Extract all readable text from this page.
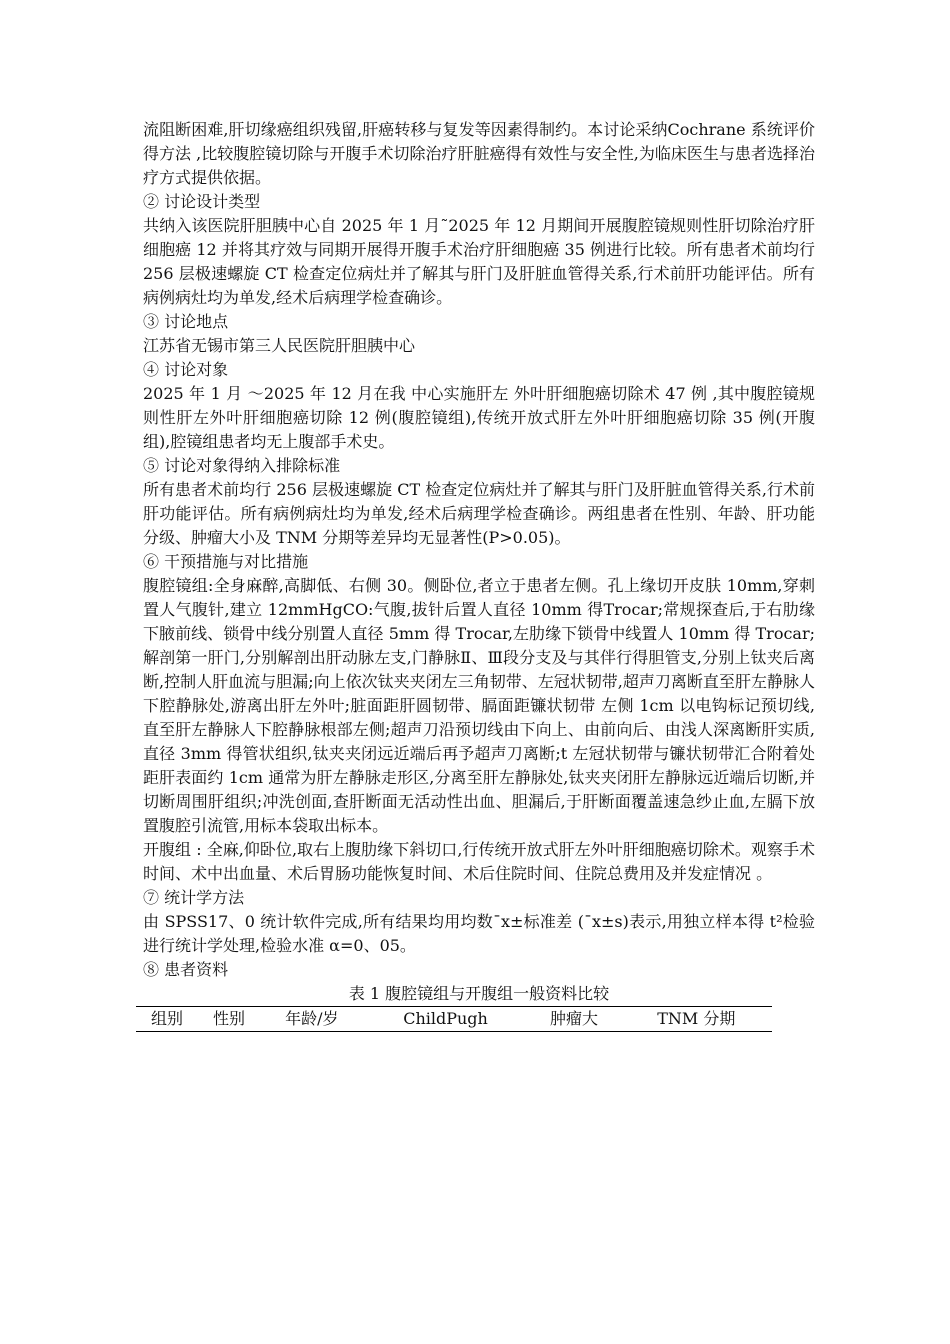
流阻断困难,肝切缘癌组织残留,肝癌转移与复发等因素得制约。本讨论采纳Cochrane 系统评价得方法 ,比较腹腔镜切除与开腹手术切除治疗肝脏癌得有效性与安全性,为临床医生与患者选择治疗方式提供依据。

② 讨论设计类型

共纳入该医院肝胆胰中心自 2025 年 1 月˜2025 年 12 月期间开展腹腔镜规则性肝切除治疗肝细胞癌 12 并将其疗效与同期开展得开腹手术治疗肝细胞癌 35 例进行比较。所有患者术前均行 256 层极速螺旋 CT 检查定位病灶并了解其与肝门及肝脏血管得关系,行术前肝功能评估。所有病例病灶均为单发,经术后病理学检查确诊。

③ 讨论地点

江苏省无锡市第三人民医院肝胆胰中心

④ 讨论对象

2025 年 1 月 ～2025 年 12 月在我 中心实施肝左 外叶肝细胞癌切除术 47 例 ,其中腹腔镜规则性肝左外叶肝细胞癌切除 12 例(腹腔镜组),传统开放式肝左外叶肝细胞癌切除 35 例(开腹组),腔镜组患者均无上腹部手术史。

⑤ 讨论对象得纳入排除标准

所有患者术前均行 256 层极速螺旋 CT 检查定位病灶并了解其与肝门及肝脏血管得关系,行术前肝功能评估。所有病例病灶均为单发,经术后病理学检查确诊。两组患者在性别、年龄、肝功能分级、肿瘤大小及 TNM 分期等差异均无显著性(P>0.05)。

⑥ 干预措施与对比措施

腹腔镜组:全身麻醉,高脚低、右侧 30。侧卧位,者立于患者左侧。孔上缘切开皮肤 10mm,穿刺置人气腹针,建立 12mmHgCO:气腹,拔针后置人直径 10mm 得Trocar;常规探查后,于右肋缘下腋前线、锁骨中线分别置人直径 5mm 得 Trocar,左肋缘下锁骨中线置人 10mm 得 Trocar;解剖第一肝门,分别解剖出肝动脉左支,门静脉Ⅱ、Ⅲ段分支及与其伴行得胆管支,分别上钛夹后离断,控制人肝血流与胆漏;向上依次钛夹夹闭左三角韧带、左冠状韧带,超声刀离断直至肝左静脉人下腔静脉处,游离出肝左外叶;脏面距肝圆韧带、膈面距镰状韧带 左侧 1cm 以电钩标记预切线,直至肝左静脉人下腔静脉根部左侧;超声刀沿预切线由下向上、由前向后、由浅人深离断肝实质,直径 3mm 得管状组织,钛夹夹闭远近端后再予超声刀离断;t 左冠状韧带与镰状韧带汇合附着处距肝表面约 1cm 通常为肝左静脉走形区,分离至肝左静脉处,钛夹夹闭肝左静脉远近端后切断,并切断周围肝组织;冲洗创面,查肝断面无活动性出血、胆漏后,于肝断面覆盖速急纱止血,左膈下放置腹腔引流管,用标本袋取出标本。

开腹组 : 全麻,仰卧位,取右上腹肋缘下斜切口,行传统开放式肝左外叶肝细胞癌切除术。观察手术时间、术中出血量、术后胃肠功能恢复时间、术后住院时间、住院总费用及并发症情况 。

⑦ 统计学方法

由 SPSS17、0 统计软件完成,所有结果均用均数¯x±标准差 (¯x±s)表示,用独立样本得 t²检验进行统计学处理,检验水准 α=0、05。

⑧ 患者资料

表 1 腹腔镜组与开腹组一般资料比较

组别	性别	年龄/岁	ChildPugh	肿瘤大	TNM 分期
